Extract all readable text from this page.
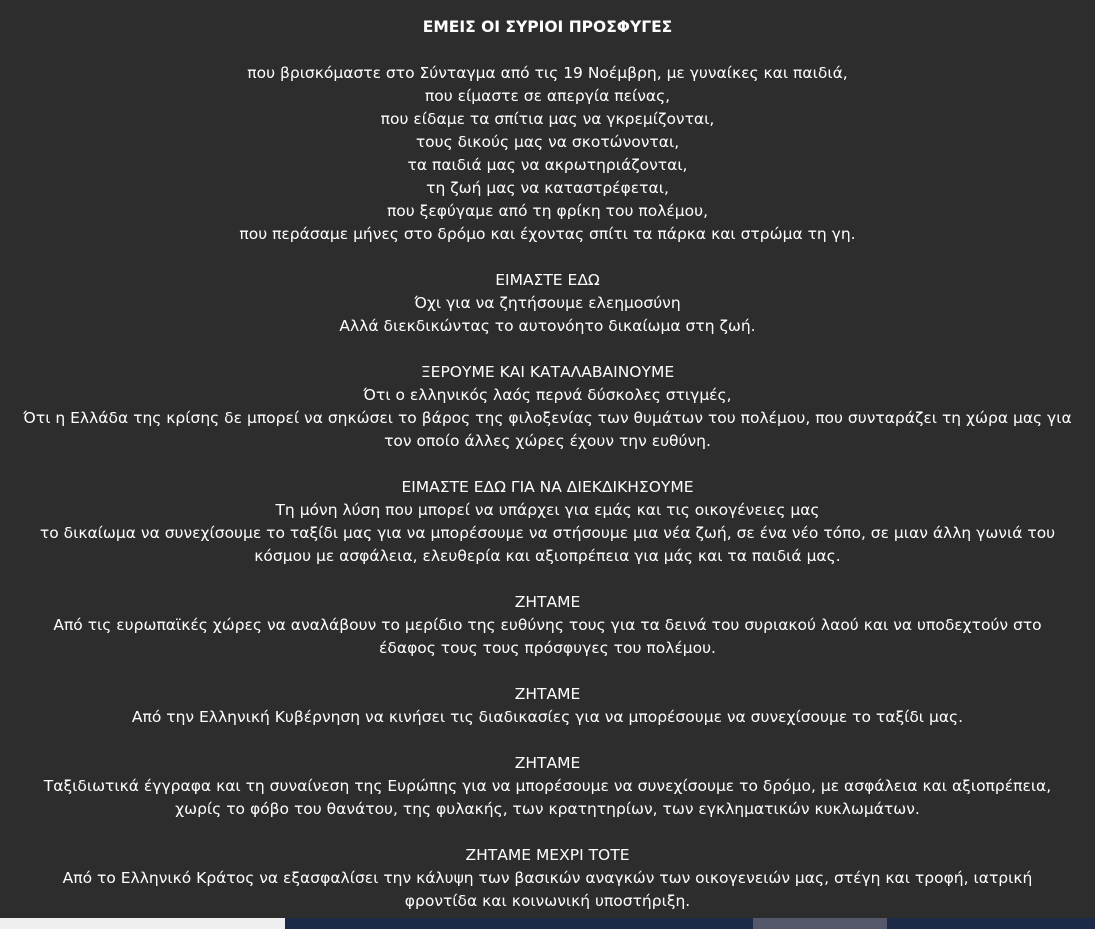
ΕΜΕΙΣ ΟΙ ΣΥΡΙΟΙ ΠΡΟΣΦΥΓΕΣ
που βρισκόμαστε στο Σύνταγμα από τις 19 Νοέμβρη, με γυναίκες και παιδιά,
που είμαστε σε απεργία πείνας,
που είδαμε τα σπίτια μας να γκρεμίζονται,
τους δικούς μας να σκοτώνονται,
τα παιδιά μας να ακρωτηριάζονται,
τη ζωή μας να καταστρέφεται,
που ξεφύγαμε από τη φρίκη του πολέμου,
που περάσαμε μήνες στο δρόμο και έχοντας σπίτι τα πάρκα και στρώμα τη γη.
ΕΙΜΑΣΤΕ ΕΔΩ
Όχι για να ζητήσουμε ελεημοσύνη
Αλλά διεκδικώντας το αυτονόητο δικαίωμα στη ζωή.
ΞΕΡΟΥΜΕ ΚΑΙ ΚΑΤΑΛΑΒΑΙΝΟΥΜΕ
Ότι ο ελληνικός λαός περνά δύσκολες στιγμές,
Ότι η Ελλάδα της κρίσης δε μπορεί να σηκώσει το βάρος της φιλοξενίας των θυμάτων του πολέμου, που συνταράζει τη χώρα μας για
τον οποίο άλλες χώρες έχουν την ευθύνη.
ΕΙΜΑΣΤΕ ΕΔΩ ΓΙΑ ΝΑ ΔΙΕΚΔΙΚΗΣΟΥΜΕ
Τη μόνη λύση που μπορεί να υπάρχει για εμάς και τις οικογένειες μας
το δικαίωμα να συνεχίσουμε το ταξίδι μας για να μπορέσουμε να στήσουμε μια νέα ζωή, σε ένα νέο τόπο, σε μιαν άλλη γωνιά του
κόσμου με ασφάλεια, ελευθερία και αξιοπρέπεια για μάς και τα παιδιά μας.
ΖΗΤΑΜΕ
Από τις ευρωπαϊκές χώρες να αναλάβουν το μερίδιο της ευθύνης τους για τα δεινά του συριακού λαού και να υποδεχτούν στο
έδαφος τους τους πρόσφυγες του πολέμου.
ΖΗΤΑΜΕ
Από την Ελληνική Κυβέρνηση να κινήσει τις διαδικασίες για να μπορέσουμε να συνεχίσουμε το ταξίδι μας.
ΖΗΤΑΜΕ
Ταξιδιωτικά έγγραφα και τη συναίνεση της Ευρώπης για να μπορέσουμε να συνεχίσουμε το δρόμο, με ασφάλεια και αξιοπρέπεια,
χωρίς το φόβο του θανάτου, της φυλακής, των κρατητηρίων, των εγκληματικών κυκλωμάτων.
ΖΗΤΑΜΕ ΜΕΧΡΙ ΤΟΤΕ
Από το Ελληνικό Κράτος να εξασφαλίσει την κάλυψη των βασικών αναγκών των οικογενειών μας, στέγη και τροφή, ιατρική
φροντίδα και κοινωνική υποστήριξη.
